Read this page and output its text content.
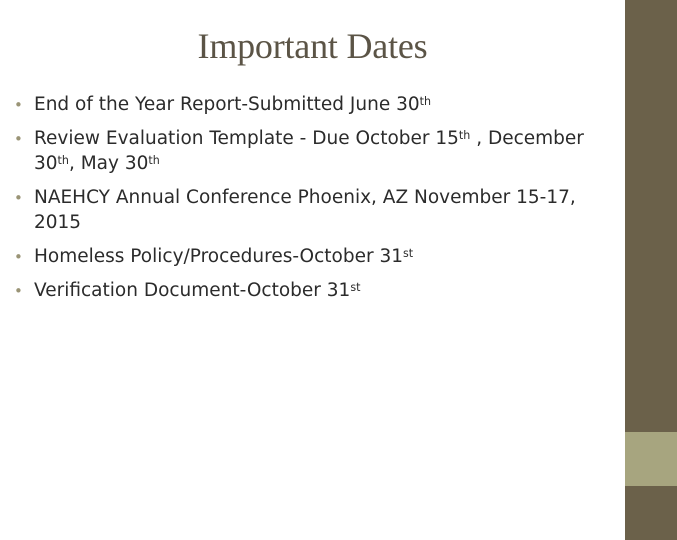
Important Dates
• End of the Year Report-Submitted June 30th
• Review Evaluation Template - Due October 15th , December 30th, May 30th
• NAEHCY Annual Conference Phoenix, AZ November 15-17, 2015
• Homeless Policy/Procedures-October 31st
• Verification Document-October 31st
